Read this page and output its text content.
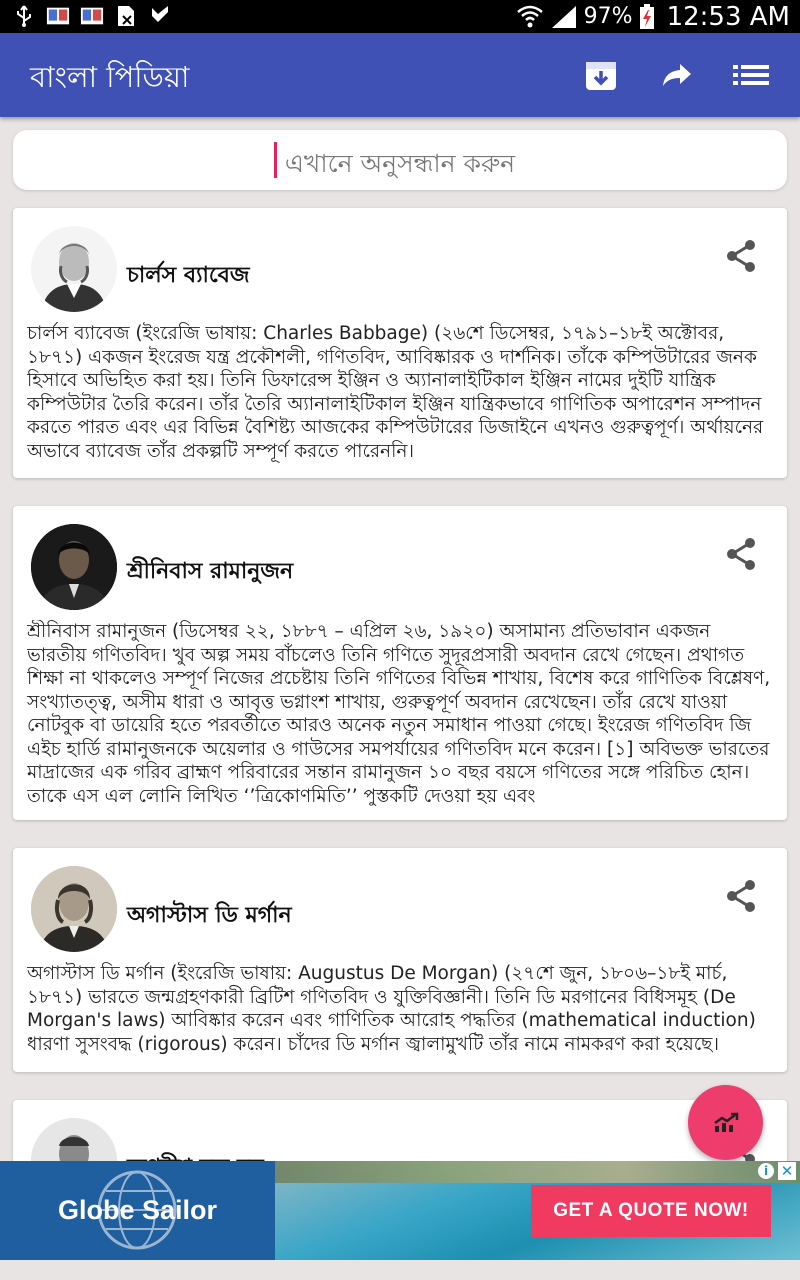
97% 12:53 AM
বাংলা পিডিয়া
এখানে অনুসন্ধান করুন
চার্লস ব্যাবেজ
চার্লস ব্যাবেজ (ইংরেজি ভাষায়: Charles Babbage) (২৬শে ডিসেম্বর, ১৭৯১–১৮ই অক্টোবর, ১৮৭১) একজন ইংরেজ যন্ত্র প্রকৌশলী, গণিতবিদ, আবিষ্কারক ও দার্শনিক। তাঁকে কম্পিউটারের জনক হিসাবে অভিহিত করা হয়। তিনি ডিফারেন্স ইঞ্জিন ও অ্যানালাইটিকাল ইঞ্জিন নামের দুইটি যান্ত্রিক কম্পিউটার তৈরি করেন। তাঁর তৈরি অ্যানালাইটিকাল ইঞ্জিন যান্ত্রিকভাবে গাণিতিক অপারেশন সম্পাদন করতে পারত এবং এর বিভিন্ন বৈশিষ্ট্য আজকের কম্পিউটারের ডিজাইনে এখনও গুরুত্বপূর্ণ। অর্থায়নের অভাবে ব্যাবেজ তাঁর প্রকল্পটি সম্পূর্ণ করতে পারেননি।
শ্রীনিবাস রামানুজন
শ্রীনিবাস রামানুজন (ডিসেম্বর ২২, ১৮৮৭ – এপ্রিল ২৬, ১৯২০) অসামান্য প্রতিভাবান একজন ভারতীয় গণিতবিদ। খুব অল্প সময় বাঁচলেও তিনি গণিতে সুদূরপ্রসারী অবদান রেখে গেছেন। প্রথাগত শিক্ষা না থাকলেও সম্পূর্ণ নিজের প্রচেষ্টায় তিনি গণিতের বিভিন্ন শাখায়, বিশেষ করে গাণিতিক বিশ্লেষণ, সংখ্যাতত্ত্ব, অসীম ধারা ও আবৃত্ত ভগ্নাংশ শাখায়, গুরুত্বপূর্ণ অবদান রেখেছেন। তাঁর রেখে যাওয়া নোটবুক বা ডায়েরি হতে পরবর্তীতে আরও অনেক নতুন সমাধান পাওয়া গেছে। ইংরেজ গণিতবিদ জি এইচ হার্ডি রামানুজনকে অয়েলার ও গাউসের সমপর্যায়ের গণিতবিদ মনে করেন। [১] অবিভক্ত ভারতের মাদ্রাজের এক গরিব ব্রাহ্মণ পরিবারের সন্তান রামানুজন ১০ বছর বয়সে গণিতের সঙ্গে পরিচিত হোন। তাকে এস এল লোনি লিখিত ‘’ত্রিকোণমিতি’’ পুস্তকটি দেওয়া হয় এবং
অগাস্টাস ডি মর্গান
অগাস্টাস ডি মর্গান (ইংরেজি ভাষায়: Augustus De Morgan) (২৭শে জুন, ১৮০৬–১৮ই মার্চ, ১৮৭১) ভারতে জন্মগ্রহণকারী ব্রিটিশ গণিতবিদ ও যুক্তিবিজ্ঞানী। তিনি ডি মরগানের বিধিসমূহ (De Morgan's laws) আবিষ্কার করেন এবং গাণিতিক আরোহ পদ্ধতির (mathematical induction) ধারণা সুসংবদ্ধ (rigorous) করেন। চাঁদের ডি মর্গান জ্বালামুখটি তাঁর নামে নামকরণ করা হয়েছে।
Globe Sailor	GET A QUOTE NOW!
i ✕
